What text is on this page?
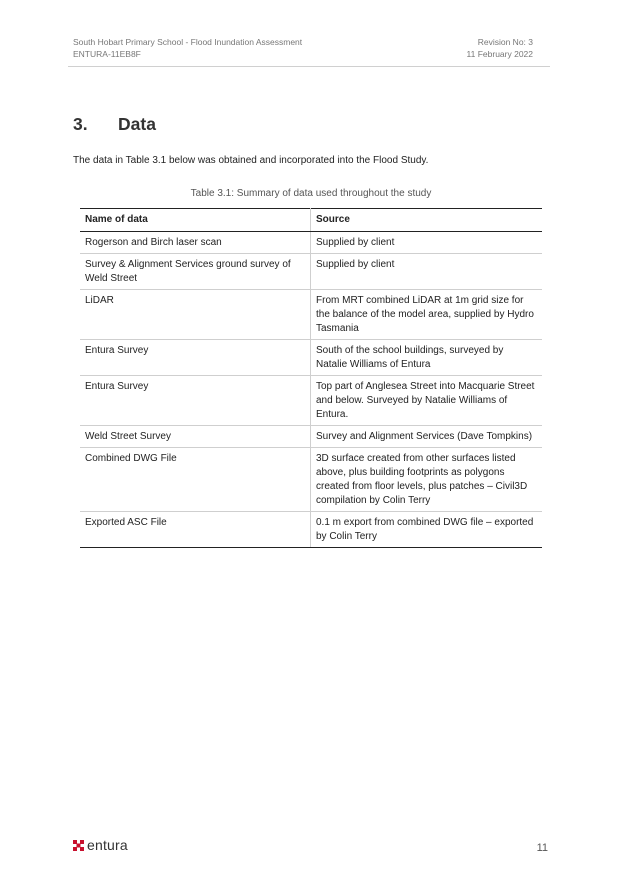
South Hobart Primary School - Flood Inundation Assessment
ENTURA-11EB8F
Revision No: 3
11 February 2022
3. Data
The data in Table 3.1 below was obtained and incorporated into the Flood Study.
Table 3.1: Summary of data used throughout the study
Name of data	Source
Rogerson and Birch laser scan	Supplied by client
Survey & Alignment Services ground survey of Weld Street	Supplied by client
LiDAR	From MRT combined LiDAR at 1m grid size for the balance of the model area, supplied by Hydro Tasmania
Entura Survey	South of the school buildings, surveyed by Natalie Williams of Entura
Entura Survey	Top part of Anglesea Street into Macquarie Street and below. Surveyed by Natalie Williams of Entura.
Weld Street Survey	Survey and Alignment Services (Dave Tompkins)
Combined DWG File	3D surface created from other surfaces listed above, plus building footprints as polygons created from floor levels, plus patches – Civil3D compilation by Colin Terry
Exported ASC File	0.1 m export from combined DWG file – exported by Colin Terry
entura	11
